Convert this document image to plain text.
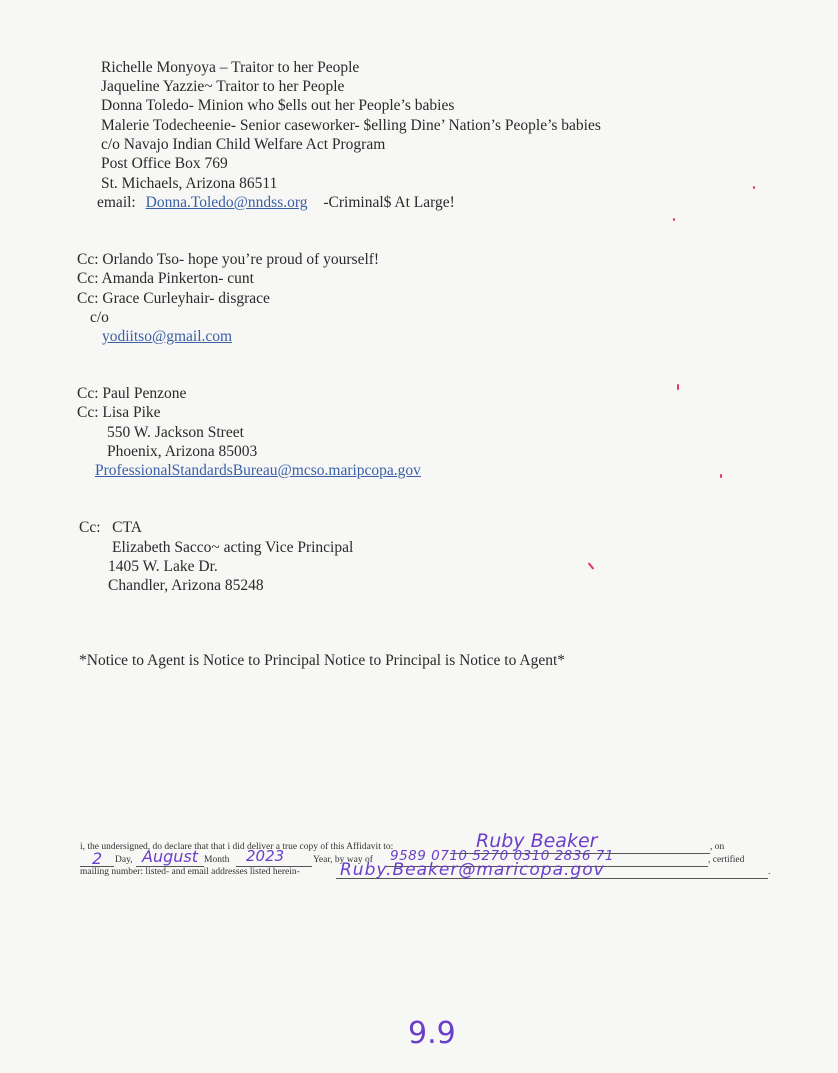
Richelle Monyoya – Traitor to her People
Jaqueline Yazzie~ Traitor to her People
Donna Toledo- Minion who $ells out her People’s babies
Malerie Todecheenie- Senior caseworker- $elling Dine’ Nation’s People’s babies
c/o Navajo Indian Child Welfare Act Program
Post Office Box 769
St. Michaels, Arizona 86511
email: Donna.Toledo@nndss.org -Criminal$ At Large!
Cc: Orlando Tso- hope you’re proud of yourself!
Cc: Amanda Pinkerton- cunt
Cc: Grace Curleyhair- disgrace
c/o
yodiitso@gmail.com
Cc: Paul Penzone
Cc: Lisa Pike
550 W. Jackson Street
Phoenix, Arizona 85003
ProfessionalStandardsBureau@mcso.maripcopa.gov
Cc:   CTA
Elizabeth Sacco~ acting Vice Principal
1405 W. Lake Dr.
Chandler, Arizona 85248
*Notice to Agent is Notice to Principal Notice to Principal is Notice to Agent*
i, the undersigned, do declare that that i did deliver a true copy of this Affidavit to:	, on
Ruby Beaker
2 Day, August Month 2023	Year, by way of 9589 0710 5270 0310 2836 71	, certified
mailing number: listed- and email addresses listed herein- Ruby.Beaker@maricopa.gov	.
9.9
